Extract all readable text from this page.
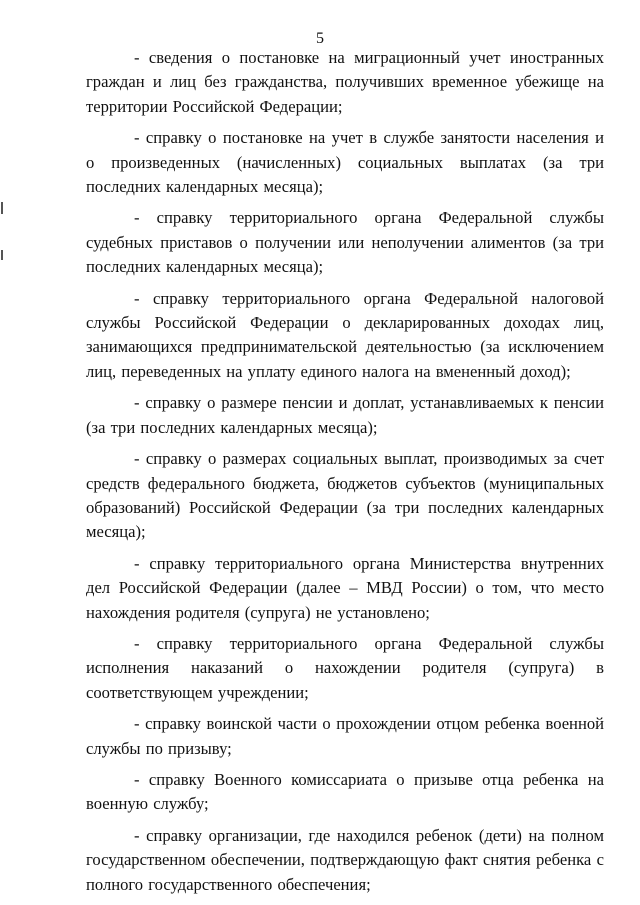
5

- сведения о постановке на миграционный учет иностранных граждан и лиц без гражданства, получивших временное убежище на территории Российской Федерации;

- справку о постановке на учет в службе занятости населения и о произведенных (начисленных) социальных выплатах (за три последних календарных месяца);

- справку территориального органа Федеральной службы судебных приставов о получении или неполучении алиментов (за три последних календарных месяца);

- справку территориального органа Федеральной налоговой службы Российской Федерации о декларированных доходах лиц, занимающихся предпринимательской деятельностью (за исключением лиц, переведенных на уплату единого налога на вмененный доход);

- справку о размере пенсии и доплат, устанавливаемых к пенсии (за три последних календарных месяца);

- справку о размерах социальных выплат, производимых за счет средств федерального бюджета, бюджетов субъектов (муниципальных образований) Российской Федерации (за три последних календарных месяца);

- справку территориального органа Министерства внутренних дел Российской Федерации (далее – МВД России) о том, что место нахождения родителя (супруга) не установлено;

- справку территориального органа Федеральной службы исполнения наказаний о нахождении родителя (супруга) в соответствующем учреждении;

- справку воинской части о прохождении отцом ребенка военной службы по призыву;

- справку Военного комиссариата о призыве отца ребенка на военную службу;

- справку организации, где находился ребенок (дети) на полном государственном обеспечении, подтверждающую факт снятия ребенка с полного государственного обеспечения;
